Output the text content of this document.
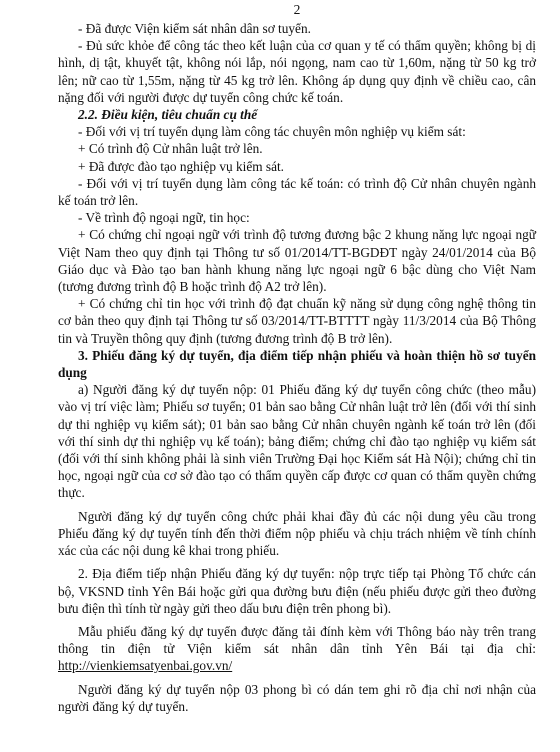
2

- Đã được Viện kiểm sát nhân dân sơ tuyển.

- Đủ sức khỏe để công tác theo kết luận của cơ quan y tế có thẩm quyền; không bị dị hình, dị tật, khuyết tật, không nói lắp, nói ngọng, nam cao từ 1,60m, nặng từ 50 kg trở lên; nữ cao từ 1,55m, nặng từ 45 kg trở lên. Không áp dụng quy định về chiều cao, cân nặng đối với người được dự tuyển công chức kế toán.

2.2. Điều kiện, tiêu chuẩn cụ thể

- Đối với vị trí tuyển dụng làm công tác chuyên môn nghiệp vụ kiểm sát:

+ Có trình độ Cử nhân luật trở lên.

+ Đã được đào tạo nghiệp vụ kiểm sát.

- Đối với vị trí tuyển dụng làm công tác kế toán: có trình độ Cử nhân chuyên ngành kế toán trở lên.

- Về trình độ ngoại ngữ, tin học:

+ Có chứng chỉ ngoại ngữ với trình độ tương đương bậc 2 khung năng lực ngoại ngữ Việt Nam theo quy định tại Thông tư số 01/2014/TT-BGDĐT ngày 24/01/2014 của Bộ Giáo dục và Đào tạo ban hành khung năng lực ngoại ngữ 6 bậc dùng cho Việt Nam (tương đương trình độ B hoặc trình độ A2 trở lên).

+ Có chứng chỉ tin học với trình độ đạt chuẩn kỹ năng sử dụng công nghệ thông tin cơ bản theo quy định tại Thông tư số 03/2014/TT-BTTTT ngày 11/3/2014 của Bộ Thông tin và Truyền thông quy định (tương đương trình độ B trở lên).

3. Phiếu đăng ký dự tuyển, địa điểm tiếp nhận phiếu và hoàn thiện hồ sơ tuyển dụng

a) Người đăng ký dự tuyển nộp: 01 Phiếu đăng ký dự tuyển công chức (theo mẫu) vào vị trí việc làm; Phiếu sơ tuyển; 01 bản sao bằng Cử nhân luật trở lên (đối với thí sinh dự thi nghiệp vụ kiểm sát); 01 bản sao bằng Cử nhân chuyên ngành kế toán trở lên (đối với thí sinh dự thi nghiệp vụ kế toán); bảng điểm; chứng chỉ đào tạo nghiệp vụ kiểm sát (đối với thí sinh không phải là sinh viên Trường Đại học Kiểm sát Hà Nội); chứng chỉ tin học, ngoại ngữ của cơ sở đào tạo có thẩm quyền cấp được cơ quan có thẩm quyền chứng thực.

Người đăng ký dự tuyển công chức phải khai đầy đủ các nội dung yêu cầu trong Phiếu đăng ký dự tuyển tính đến thời điểm nộp phiếu và chịu trách nhiệm về tính chính xác của các nội dung kê khai trong phiếu.

2. Địa điểm tiếp nhận Phiếu đăng ký dự tuyển: nộp trực tiếp tại Phòng Tổ chức cán bộ, VKSND tỉnh Yên Bái hoặc gửi qua đường bưu điện (nếu phiếu được gửi theo đường bưu điện thì tính từ ngày gửi theo dấu bưu điện trên phong bì).

Mẫu phiếu đăng ký dự tuyển được đăng tải đính kèm với Thông báo này trên trang thông tin điện tử Viện kiểm sát nhân dân tỉnh Yên Bái tại địa chỉ: http://vienkiemsatyenbai.gov.vn/

Người đăng ký dự tuyển nộp 03 phong bì có dán tem ghi rõ địa chỉ nơi nhận của người đăng ký dự tuyển.
